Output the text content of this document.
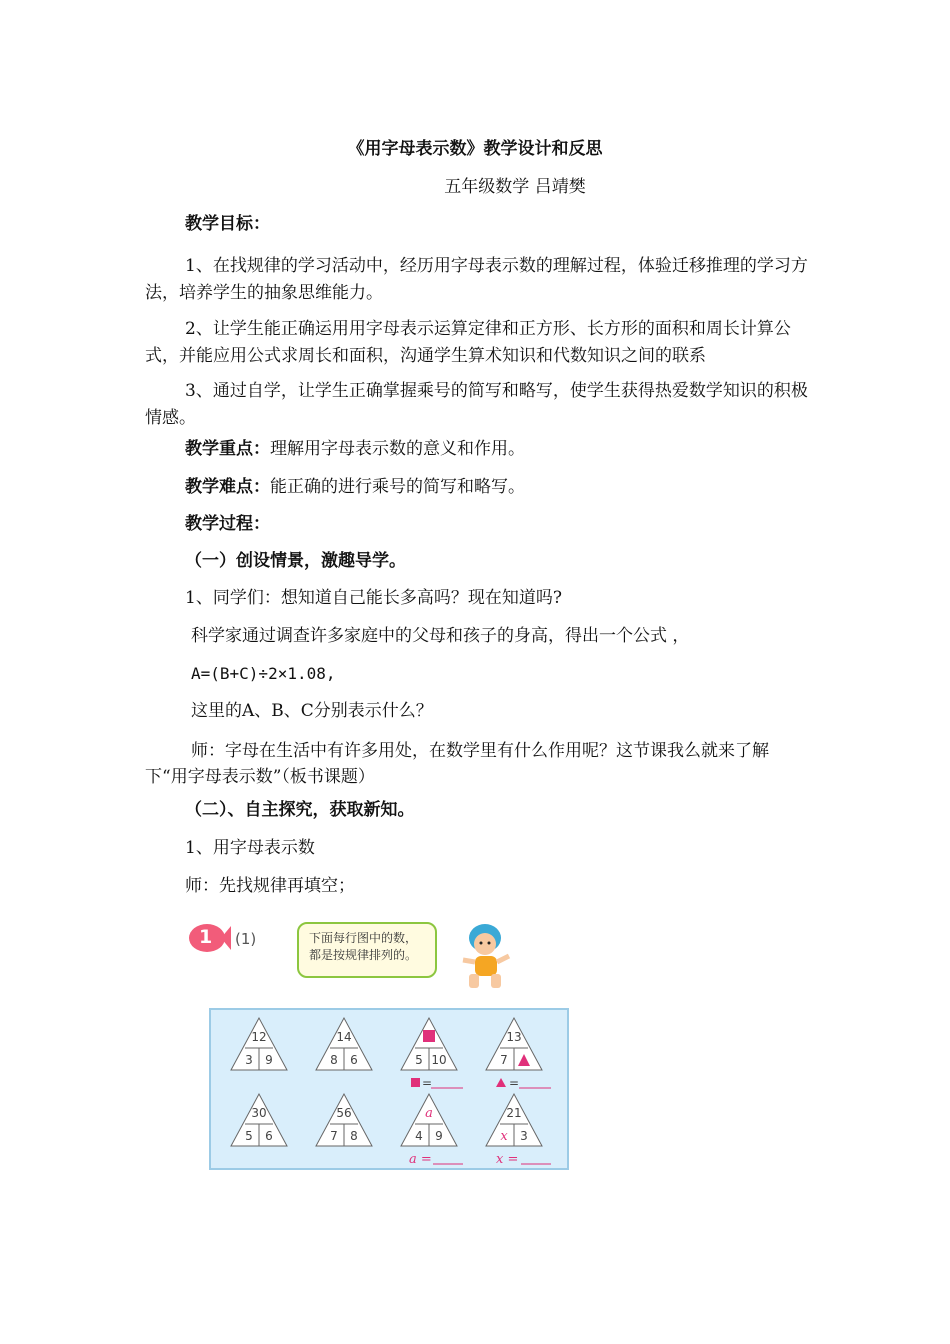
《用字母表示数》教学设计和反思
五年级数学 吕靖樊
教学目标：
1、在找规律的学习活动中，经历用字母表示数的理解过程，体验迁移推理的学习方法，培养学生的抽象思维能力。
2、让学生能正确运用用字母表示运算定律和正方形、长方形的面积和周长计算公式，并能应用公式求周长和面积，沟通学生算术知识和代数知识之间的联系
3、通过自学，让学生正确掌握乘号的简写和略写，使学生获得热爱数学知识的积极情感。
教学重点：理解用字母表示数的意义和作用。
教学难点：能正确的进行乘号的简写和略写。
教学过程：
（一）创设情景，激趣导学。
1、同学们：想知道自己能长多高吗？现在知道吗?
科学家通过调查许多家庭中的父母和孩子的身高，得出一个公式 ，
A=(B+C)÷2×1.08,
这里的A、B、C分别表示什么？
师：字母在生活中有许多用处，在数学里有什么作用呢？这节课我么就来了解下“用字母表示数”（板书课题）
（二）、自主探究，获取新知。
1、用字母表示数
师：先找规律再填空；
1 (1)	下面每行图中的数，
都是按规律排列的。
12
3 9
14
8 6	5 10
13
7
=	=
30
5 6
56
7 8
a
4 9
21
x 3
a =	x =
